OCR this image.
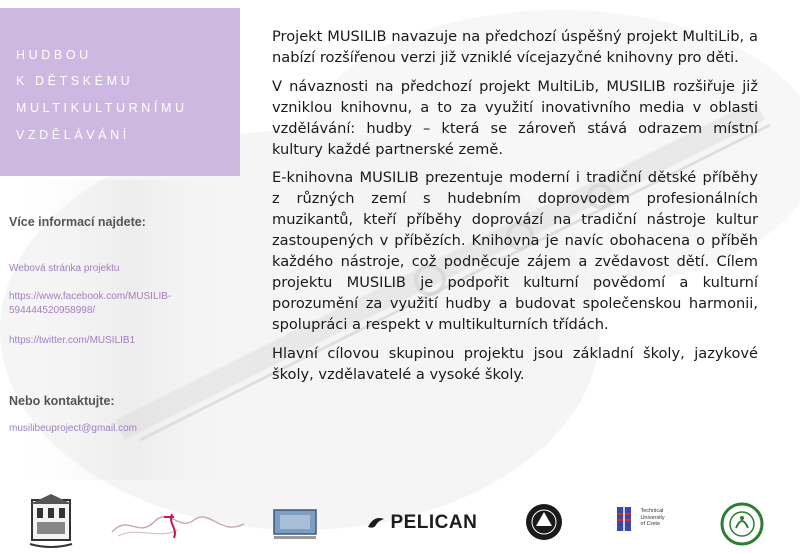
HUDBOU
K DĚTSKÉMU
MULTIKULTURNÍMU
VZDĚLÁVÁNÍ
Více informací najdete:
Webová stránka projektu
https://www.facebook.com/MUSILIB-
594444520958998/
https://twitter.com/MUSILIB1
Nebo kontaktujte:
musilibeuproject@gmail.com

Projekt MUSILIB navazuje na předchozí úspěšný projekt MultiLib, a nabízí rozšířenou verzi již vzniklé vícejazyčné knihovny pro děti.

V návaznosti na předchozí projekt MultiLib, MUSILIB rozšiřuje již vzniklou knihovnu, a to za využití inovativního media v oblasti vzdělávání: hudby – která se zároveň stává odrazem místní kultury každé partnerské země.

E-knihovna MUSILIB prezentuje moderní i tradiční dětské příběhy z různých zemí s hudebním doprovodem profesionálních muzikantů, kteří příběhy doprovází na tradiční nástroje kultur zastoupených v příbězích. Knihovna je navíc obohacena o příběh každého nástroje, což podněcuje zájem a zvědavost dětí. Cílem projektu MUSILIB je podpořit kulturní povědomí a kulturní porozumění za využití hudby a budovat společenskou harmonii, spolupráci a respekt v multikulturních třídách.

Hlavní cílovou skupinou projektu jsou základní školy, jazykové školy, vzdělavatelé a vysoké školy.

PELICAN

Technical
University
of Crete
